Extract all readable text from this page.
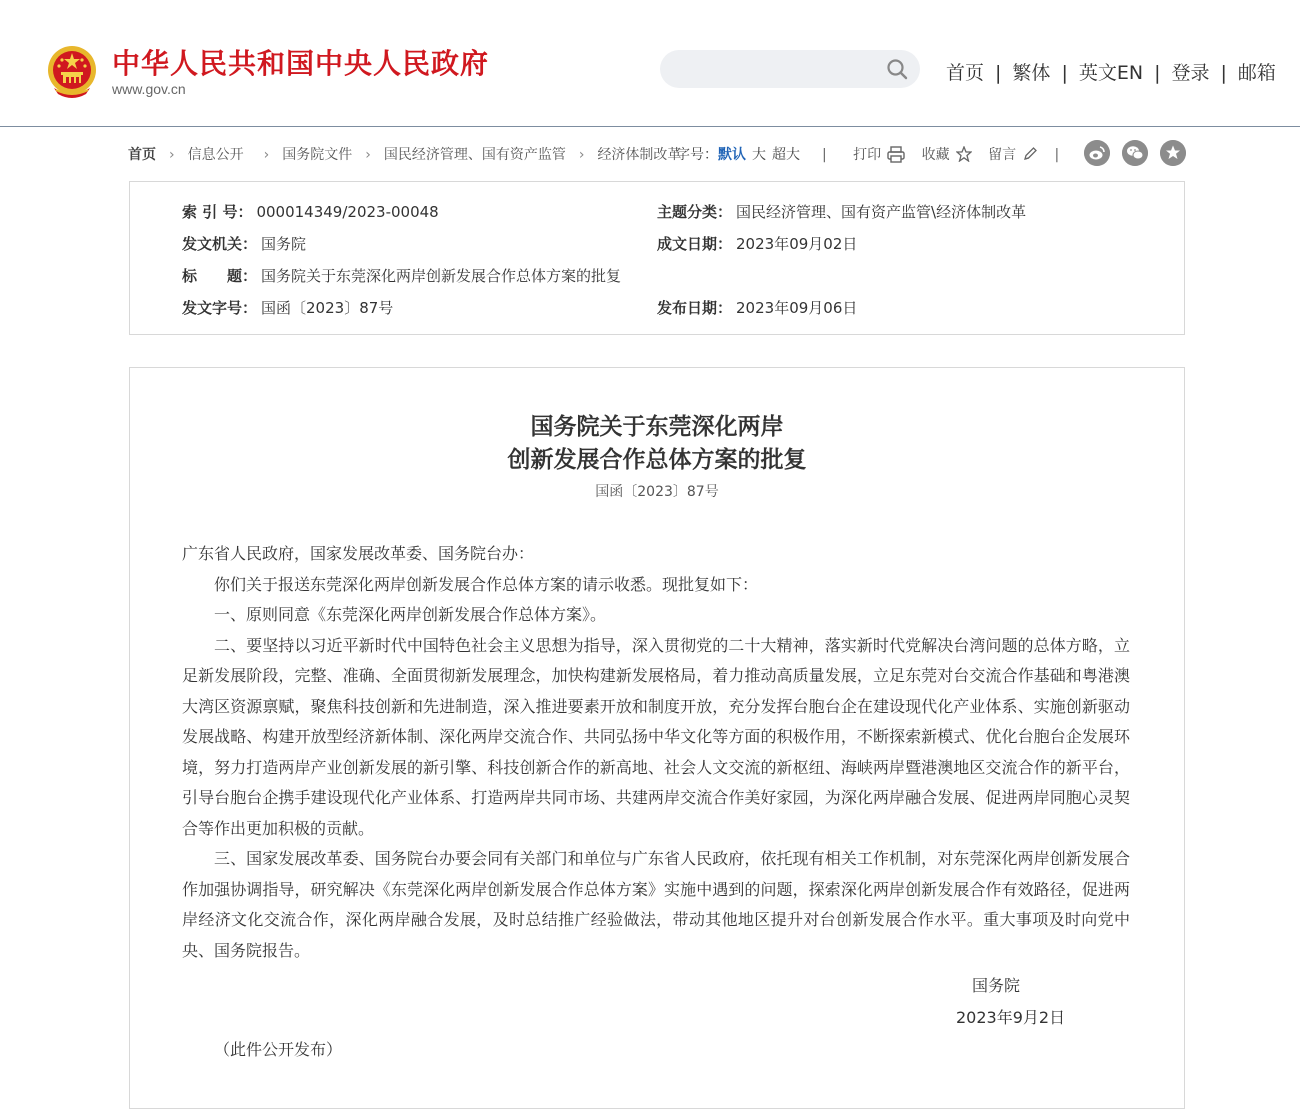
中华人民共和国中央人民政府
www.gov.cn
首页 | 繁体 | 英文EN | 登录 | 邮箱
首页 › 信息公开 › 国务院文件 › 国民经济管理、国有资产监管 › 经济体制改革
字号：默认 大 超大 | 打印
	收藏
	留言	|
索 引 号： 000014349/2023-00048	主题分类： 国民经济管理、国有资产监管\经济体制改革
发文机关： 国务院	成文日期： 2023年09月02日
标　　题： 国务院关于东莞深化两岸创新发展合作总体方案的批复
发文字号： 国函〔2023〕87号	发布日期： 2023年09月06日
国务院关于东莞深化两岸
创新发展合作总体方案的批复
国函〔2023〕87号

广东省人民政府，国家发展改革委、国务院台办：

你们关于报送东莞深化两岸创新发展合作总体方案的请示收悉。现批复如下：

一、原则同意《东莞深化两岸创新发展合作总体方案》。

二、要坚持以习近平新时代中国特色社会主义思想为指导，深入贯彻党的二十大精神，落实新时代党解决台湾问题的总体方略，立足新发展阶段，完整、准确、全面贯彻新发展理念，加快构建新发展格局，着力推动高质量发展，立足东莞对台交流合作基础和粤港澳大湾区资源禀赋，聚焦科技创新和先进制造，深入推进要素开放和制度开放，充分发挥台胞台企在建设现代化产业体系、实施创新驱动发展战略、构建开放型经济新体制、深化两岸交流合作、共同弘扬中华文化等方面的积极作用，不断探索新模式、优化台胞台企发展环境，努力打造两岸产业创新发展的新引擎、科技创新合作的新高地、社会人文交流的新枢纽、海峡两岸暨港澳地区交流合作的新平台，引导台胞台企携手建设现代化产业体系、打造两岸共同市场、共建两岸交流合作美好家园，为深化两岸融合发展、促进两岸同胞心灵契合等作出更加积极的贡献。

三、国家发展改革委、国务院台办要会同有关部门和单位与广东省人民政府，依托现有相关工作机制，对东莞深化两岸创新发展合作加强协调指导，研究解决《东莞深化两岸创新发展合作总体方案》实施中遇到的问题，探索深化两岸创新发展合作有效路径，促进两岸经济文化交流合作，深化两岸融合发展，及时总结推广经验做法，带动其他地区提升对台创新发展合作水平。重大事项及时向党中央、国务院报告。

国务院
2023年9月2日
（此件公开发布）
